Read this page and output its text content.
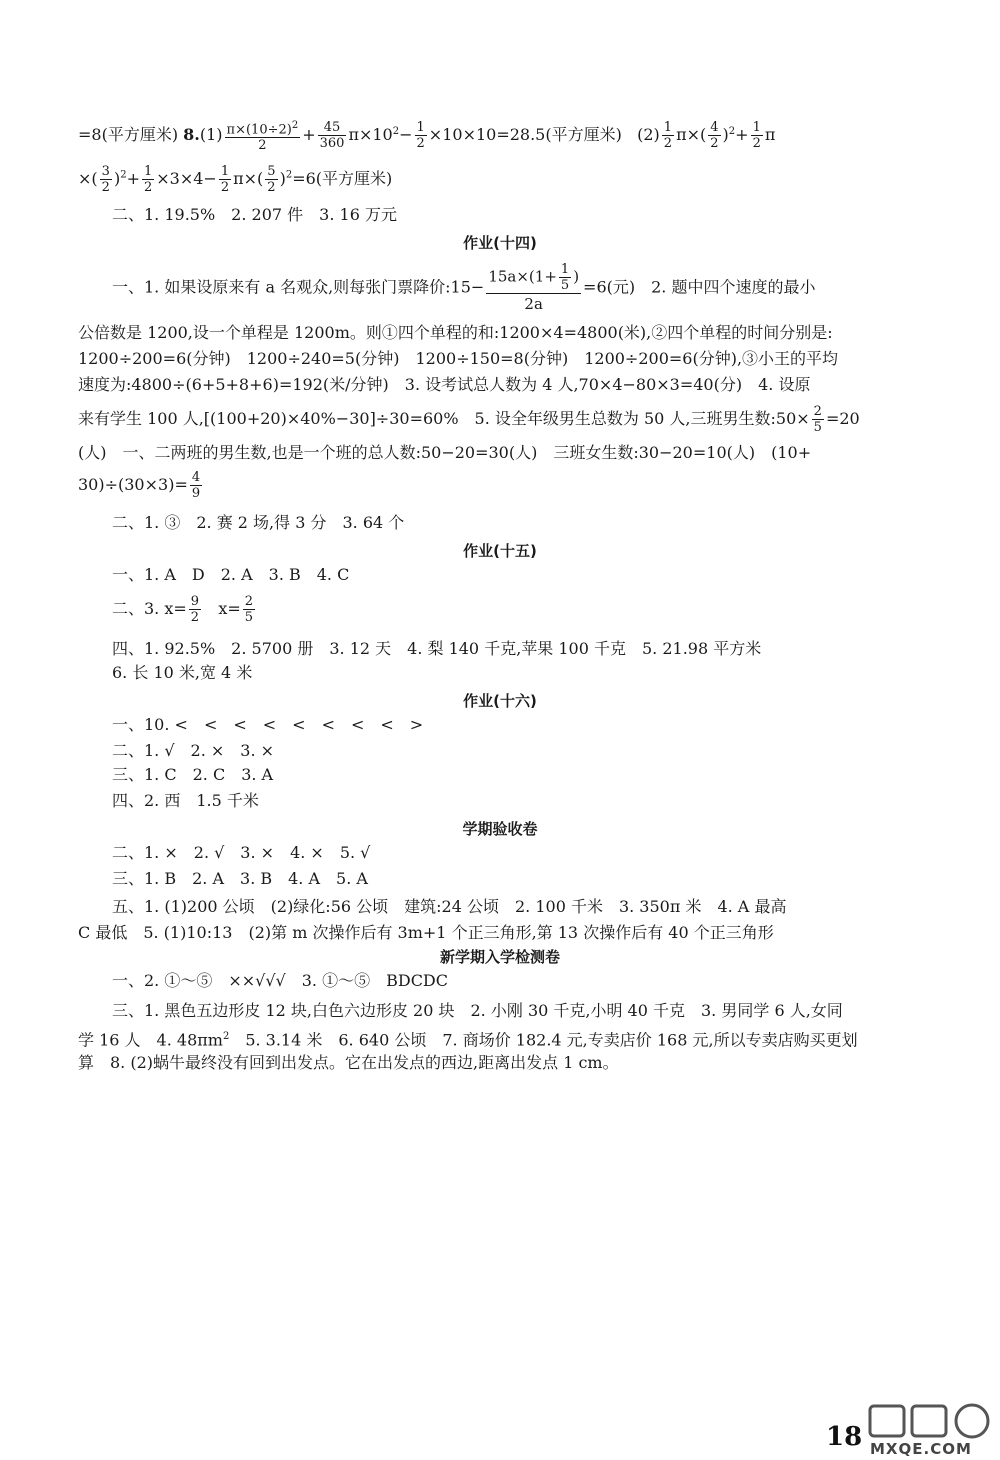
=8(平方厘米) $8.(1) \frac{\pi\times(10\div 2)^2}{2} + \frac{45}{360} \pi\times 10^2- \frac{1}{2} \times 10\times 10=28.5$(平方厘米) $(2) \frac{1}{2} \pi\times( \frac{4}{2} )^2+ \frac{1}{2}$ π
×( $\frac{3}{2} )^2+ \frac{1}{2} \times 3\times 4- \frac{1}{2} \pi\times( \frac{5}{2} )^2=6$(平方厘米)
二、1. 19.5%　2. 207 件　3. 16 万元
作业(十四)
一、1. 如果设原来有 a 名观众,则每张门票降价:15− $\frac{15a\times(1+ \frac{1}{5} )}{2a} =6$(元)　2. 题中四个速度的最小
公倍数是 1200,设一个单程是 1200m。则①四个单程的和:1200×4=4800(米),②四个单程的时间分别是:
1200÷200=6(分钟)　1200÷240=5(分钟)　1200÷150=8(分钟)　1200÷200=6(分钟),③小王的平均
速度为:4800÷(6+5+8+6)=192(米/分钟)　3. 设考试总人数为 4 人,70×4−80×3=40(分)　4. 设原
来有学生 100 人,[(100+20)×40%−30]÷30=60%　5. 设全年级男生总数为 50 人,三班男生数:50× $\frac{2}{5} =20$
(人)　一、二两班的男生数,也是一个班的总人数:50−20=30(人)　三班女生数:30−20=10(人)　(10+
$30)\div(30\times 3)= \frac{4}{9}$
二、1. ③　2. 赛 2 场,得 3 分　3. 64 个
作业(十五)
一、1. A　D　2. A　3. B　4. C
二、3. $x= \frac{9}{2} x= \frac{2}{5}$
四、1. 92.5%　2. 5700 册　3. 12 天　4. 梨 140 千克,苹果 100 千克　5. 21.98 平方米
6. 长 10 米,宽 4 米
作业(十六)
一、10. <　<　<　<　<　<　<　<　>
二、1. √　2. ×　3. ×
三、1. C　2. C　3. A
四、2. 西　1.5 千米
学期验收卷
二、1. ×　2. √　3. ×　4. ×　5. √
三、1. B　2. A　3. B　4. A　5. A
五、1. (1)200 公顷　(2)绿化:56 公顷　建筑:24 公顷　2. 100 千米　3. 350π 米　4. A 最高
C 最低　5. (1)10:13　(2)第 m 次操作后有 3m+1 个正三角形,第 13 次操作后有 40 个正三角形
新学期入学检测卷
一、2. ①～⑤　××√√√　3. ①～⑤　BDCDC
三、1. 黑色五边形皮 12 块,白色六边形皮 20 块　2. 小刚 30 千克,小明 40 千克　3. 男同学 6 人,女同
学 16 人　4. $48\pi m^2$　5. 3.14 米　6. 640 公顷　7. 商场价 182.4 元,专卖店价 168 元,所以专卖店购买更划
算　8. (2)蜗牛最终没有回到出发点。它在出发点的西边,距离出发点 1 cm。
18 MXQE.COM
